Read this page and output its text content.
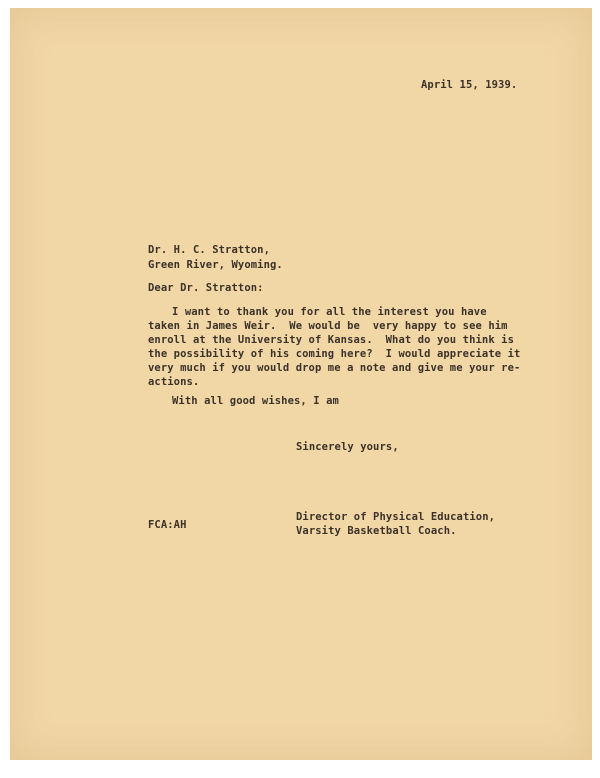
April 15, 1939.
Dr. H. C. Stratton,
Green River, Wyoming.
Dear Dr. Stratton:
I want to thank you for all the interest you have
taken in James Weir.  We would be  very happy to see him
enroll at the University of Kansas.  What do you think is
the possibility of his coming here?  I would appreciate it
very much if you would drop me a note and give me your re-
actions.
With all good wishes, I am
Sincerely yours,
FCA:AH
Director of Physical Education,
Varsity Basketball Coach.
